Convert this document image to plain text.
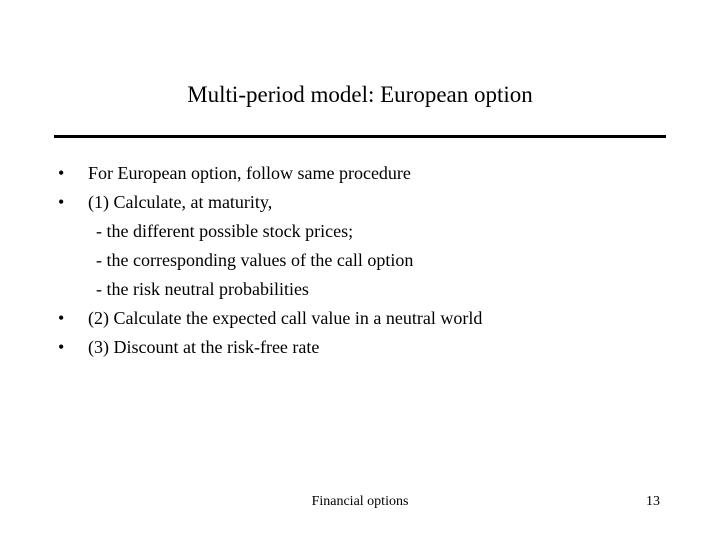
Multi-period model: European option
•	For European option, follow same procedure
•	(1) Calculate, at maturity,
- the different possible stock prices;
- the corresponding values of the call option
- the risk neutral probabilities
•	(2) Calculate the expected call value in a neutral world
•	(3) Discount at the risk-free rate
Financial options	13
